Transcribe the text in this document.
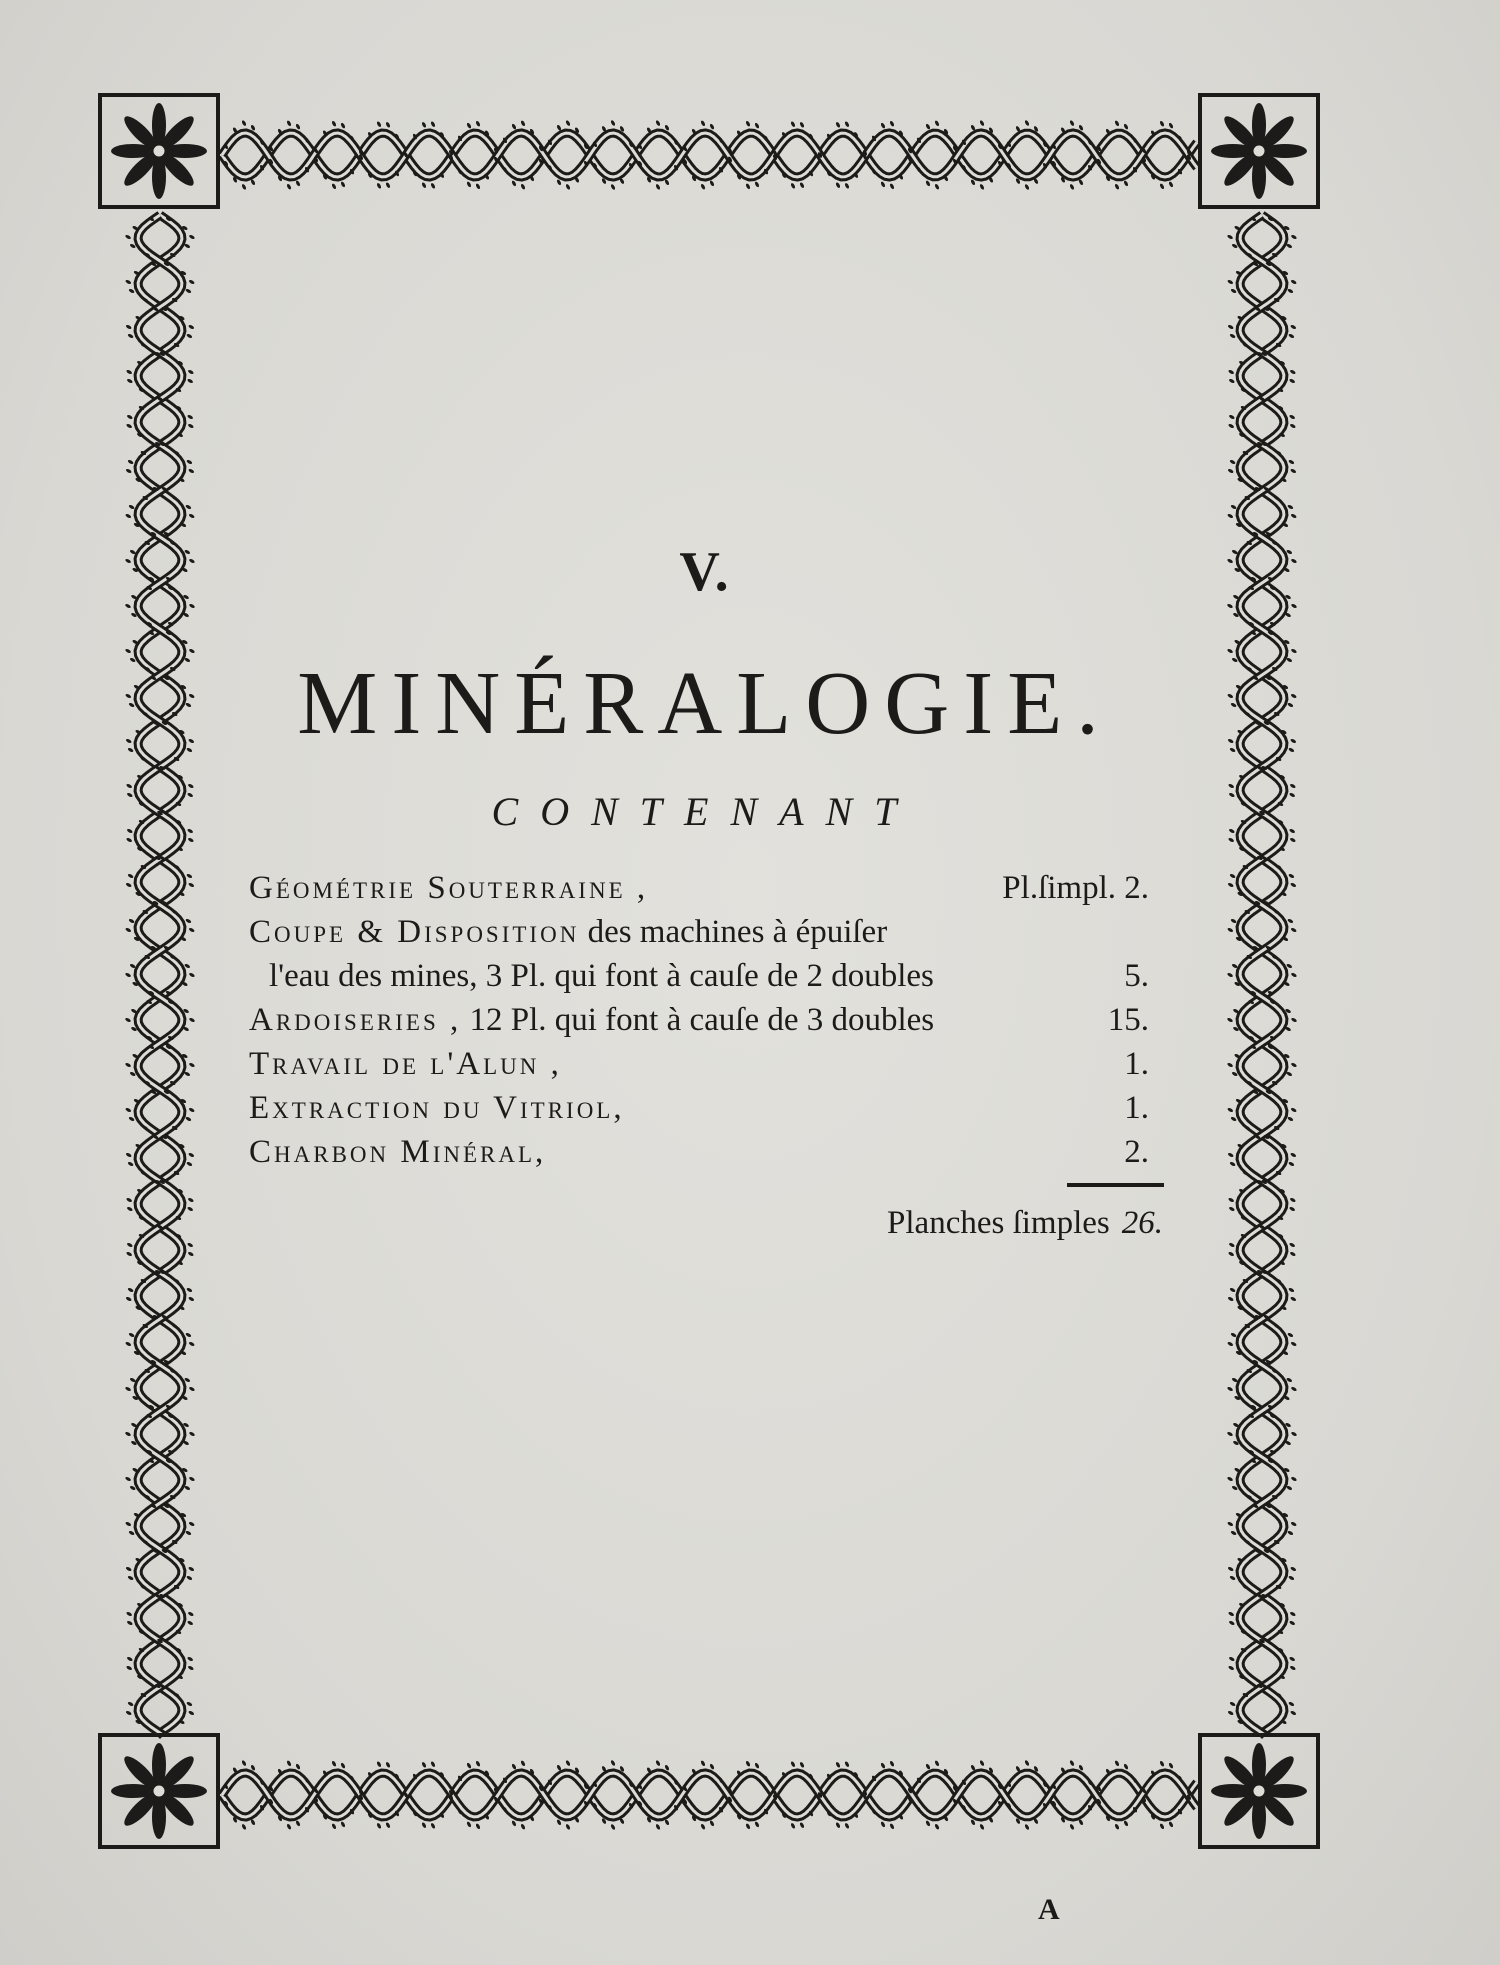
V.
MINÉRALOGIE.
CONTENANT
Géométrie Souterraine ,	Pl.ſimpl. 2.
Coupe & Disposition des machines à épuiſer
l'eau des mines, 3 Pl. qui font à cauſe de 2 doubles	5.
Ardoiseries , 12 Pl. qui font à cauſe de 3 doubles	15.
Travail de l'Alun ,	1.
Extraction du Vitriol,	1.
Charbon Minéral,	2.
Planches ſimples 26.
A
